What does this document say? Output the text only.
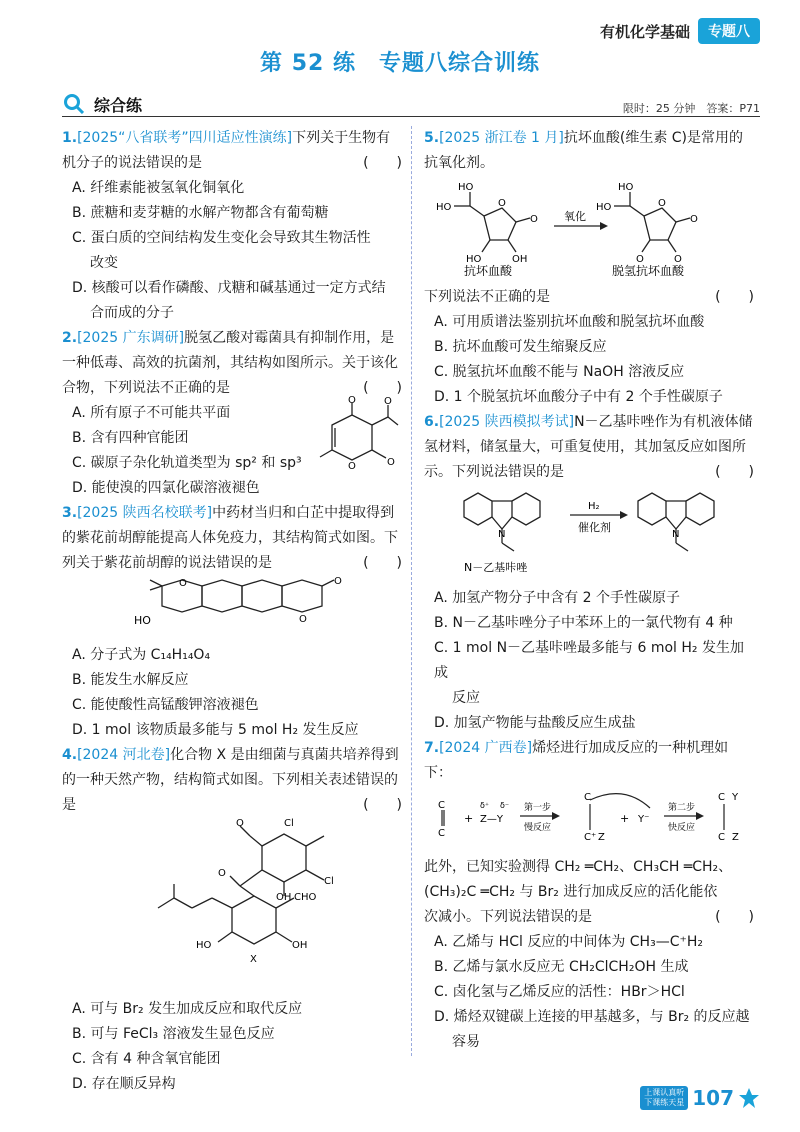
有机化学基础	专题八
第 52 练　专题八综合训练
综合练	限时：25 分钟　答案：P71
1.[2025“八省联考”四川适应性演练]下列关于生物有机分子的说法错误的是	(　　)
A. 纤维素能被氢氧化铜氧化
B. 蔗糖和麦芽糖的水解产物都含有葡萄糖
C. 蛋白质的空间结构发生变化会导致其生物活性
改变
D. 核酸可以看作磷酸、戊糖和碱基通过一定方式结
合而成的分子
2.[2025 广东调研]脱氢乙酸对霉菌具有抑制作用，是一种低毒、高效的抗菌剂，其结构如图所示。关于该化合物，下列说法不正确的是	(　　)
A. 所有原子不可能共平面
B. 含有四种官能团
C. 碳原子杂化轨道类型为 sp² 和 sp³
D. 能使溴的四氯化碳溶液褪色
O	O
O
O
3.[2025 陕西名校联考]中药材当归和白芷中提取得到的紫花前胡醇能提高人体免疫力，其结构简式如图。下列关于紫花前胡醇的说法错误的是	(　　)
HO
O
O
O
A. 分子式为 C₁₄H₁₄O₄
B. 能发生水解反应
C. 能使酸性高锰酸钾溶液褪色
D. 1 mol 该物质最多能与 5 mol H₂ 发生反应
4.[2024 河北卷]化合物 X 是由细菌与真菌共培养得到的一种天然产物，结构简式如图。下列相关表述错误的是	(　　)
O
O	Cl
Cl
OH CHO
OH
HO
X
A. 可与 Br₂ 发生加成反应和取代反应
B. 可与 FeCl₃ 溶液发生显色反应
C. 含有 4 种含氧官能团
D. 存在顺反异构
5.[2025 浙江卷 1 月]抗坏血酸(维生素 C)是常用的抗氧化剂。
氧化
HO
HO
HO	OH
O
O
HO
HO	O
O
O	O
抗坏血酸	脱氢抗坏血酸
下列说法不正确的是	(　　)
A. 可用质谱法鉴别抗坏血酸和脱氢抗坏血酸
B. 抗坏血酸可发生缩聚反应
C. 脱氢抗坏血酸不能与 NaOH 溶液反应
D. 1 个脱氢抗坏血酸分子中有 2 个手性碳原子
6.[2025 陕西模拟考试]N－乙基咔唑作为有机液体储氢材料，储氢量大，可重复使用，其加氢反应如图所示。下列说法错误的是	(　　)
H₂
催化剂
N	N
N－乙基咔唑
A. 加氢产物分子中含有 2 个手性碳原子
B. N－乙基咔唑分子中苯环上的一氯代物有 4 种
C. 1 mol N－乙基咔唑最多能与 6 mol H₂ 发生加成
反应
D. 加氢产物能与盐酸反应生成盐
7.[2024 广西卷]烯烃进行加成反应的一种机理如下：
C
C
+ Z—Y
δ⁺ δ⁻ 第一步
慢反应
C
C⁺ Z
+ Y⁻
第二步
快反应
C
C
Y
Z
此外，已知实验测得 CH₂ ═CH₂、CH₃CH ═CH₂、
(CH₃)₂C ═CH₂ 与 Br₂ 进行加成反应的活化能依
次减小。下列说法错误的是	(　　)
A. 乙烯与 HCl 反应的中间体为 CH₃—C⁺H₂
B. 乙烯与氯水反应无 CH₂ClCH₂OH 生成
C. 卤化氢与乙烯反应的活性：HBr＞HCl
D. 烯烃双键碳上连接的甲基越多，与 Br₂ 的反应越
容易
上课认真听
下课练天星 107
